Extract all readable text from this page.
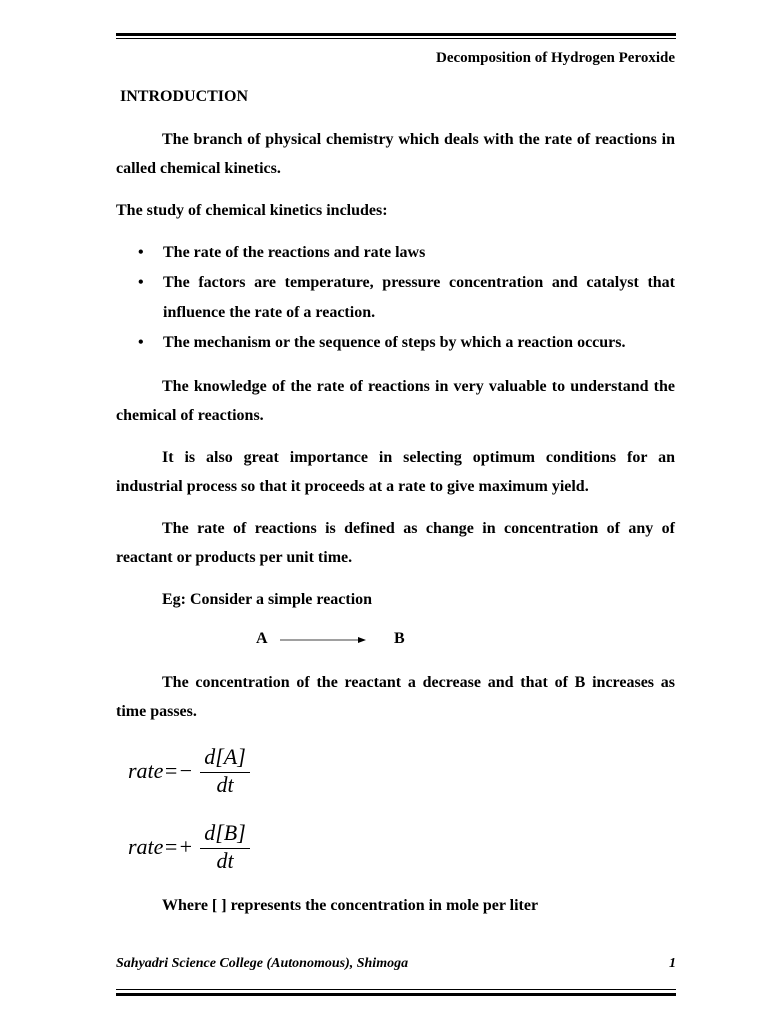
Decomposition of Hydrogen Peroxide
INTRODUCTION

The branch of physical chemistry which deals with the rate of reactions in called chemical kinetics.

The study of chemical kinetics includes:

• The rate of the reactions and rate laws
• The factors are temperature, pressure concentration and catalyst that influence the rate of a reaction.
• The mechanism or the sequence of steps by which a reaction occurs.

The knowledge of the rate of reactions in very valuable to understand the chemical of reactions.

It is also great importance in selecting optimum conditions for an industrial process so that it proceeds at a rate to give maximum yield.

The rate of reactions is defined as change in concentration of any of reactant or products per unit time.

Eg: Consider a simple reaction

A	B

The concentration of the reactant a decrease and that of B increases as time passes.

rate=−
d[A]
dt
rate=+
d[B]
dt

Where [ ] represents the concentration in mole per liter

Sahyadri Science College (Autonomous), Shimoga	1
